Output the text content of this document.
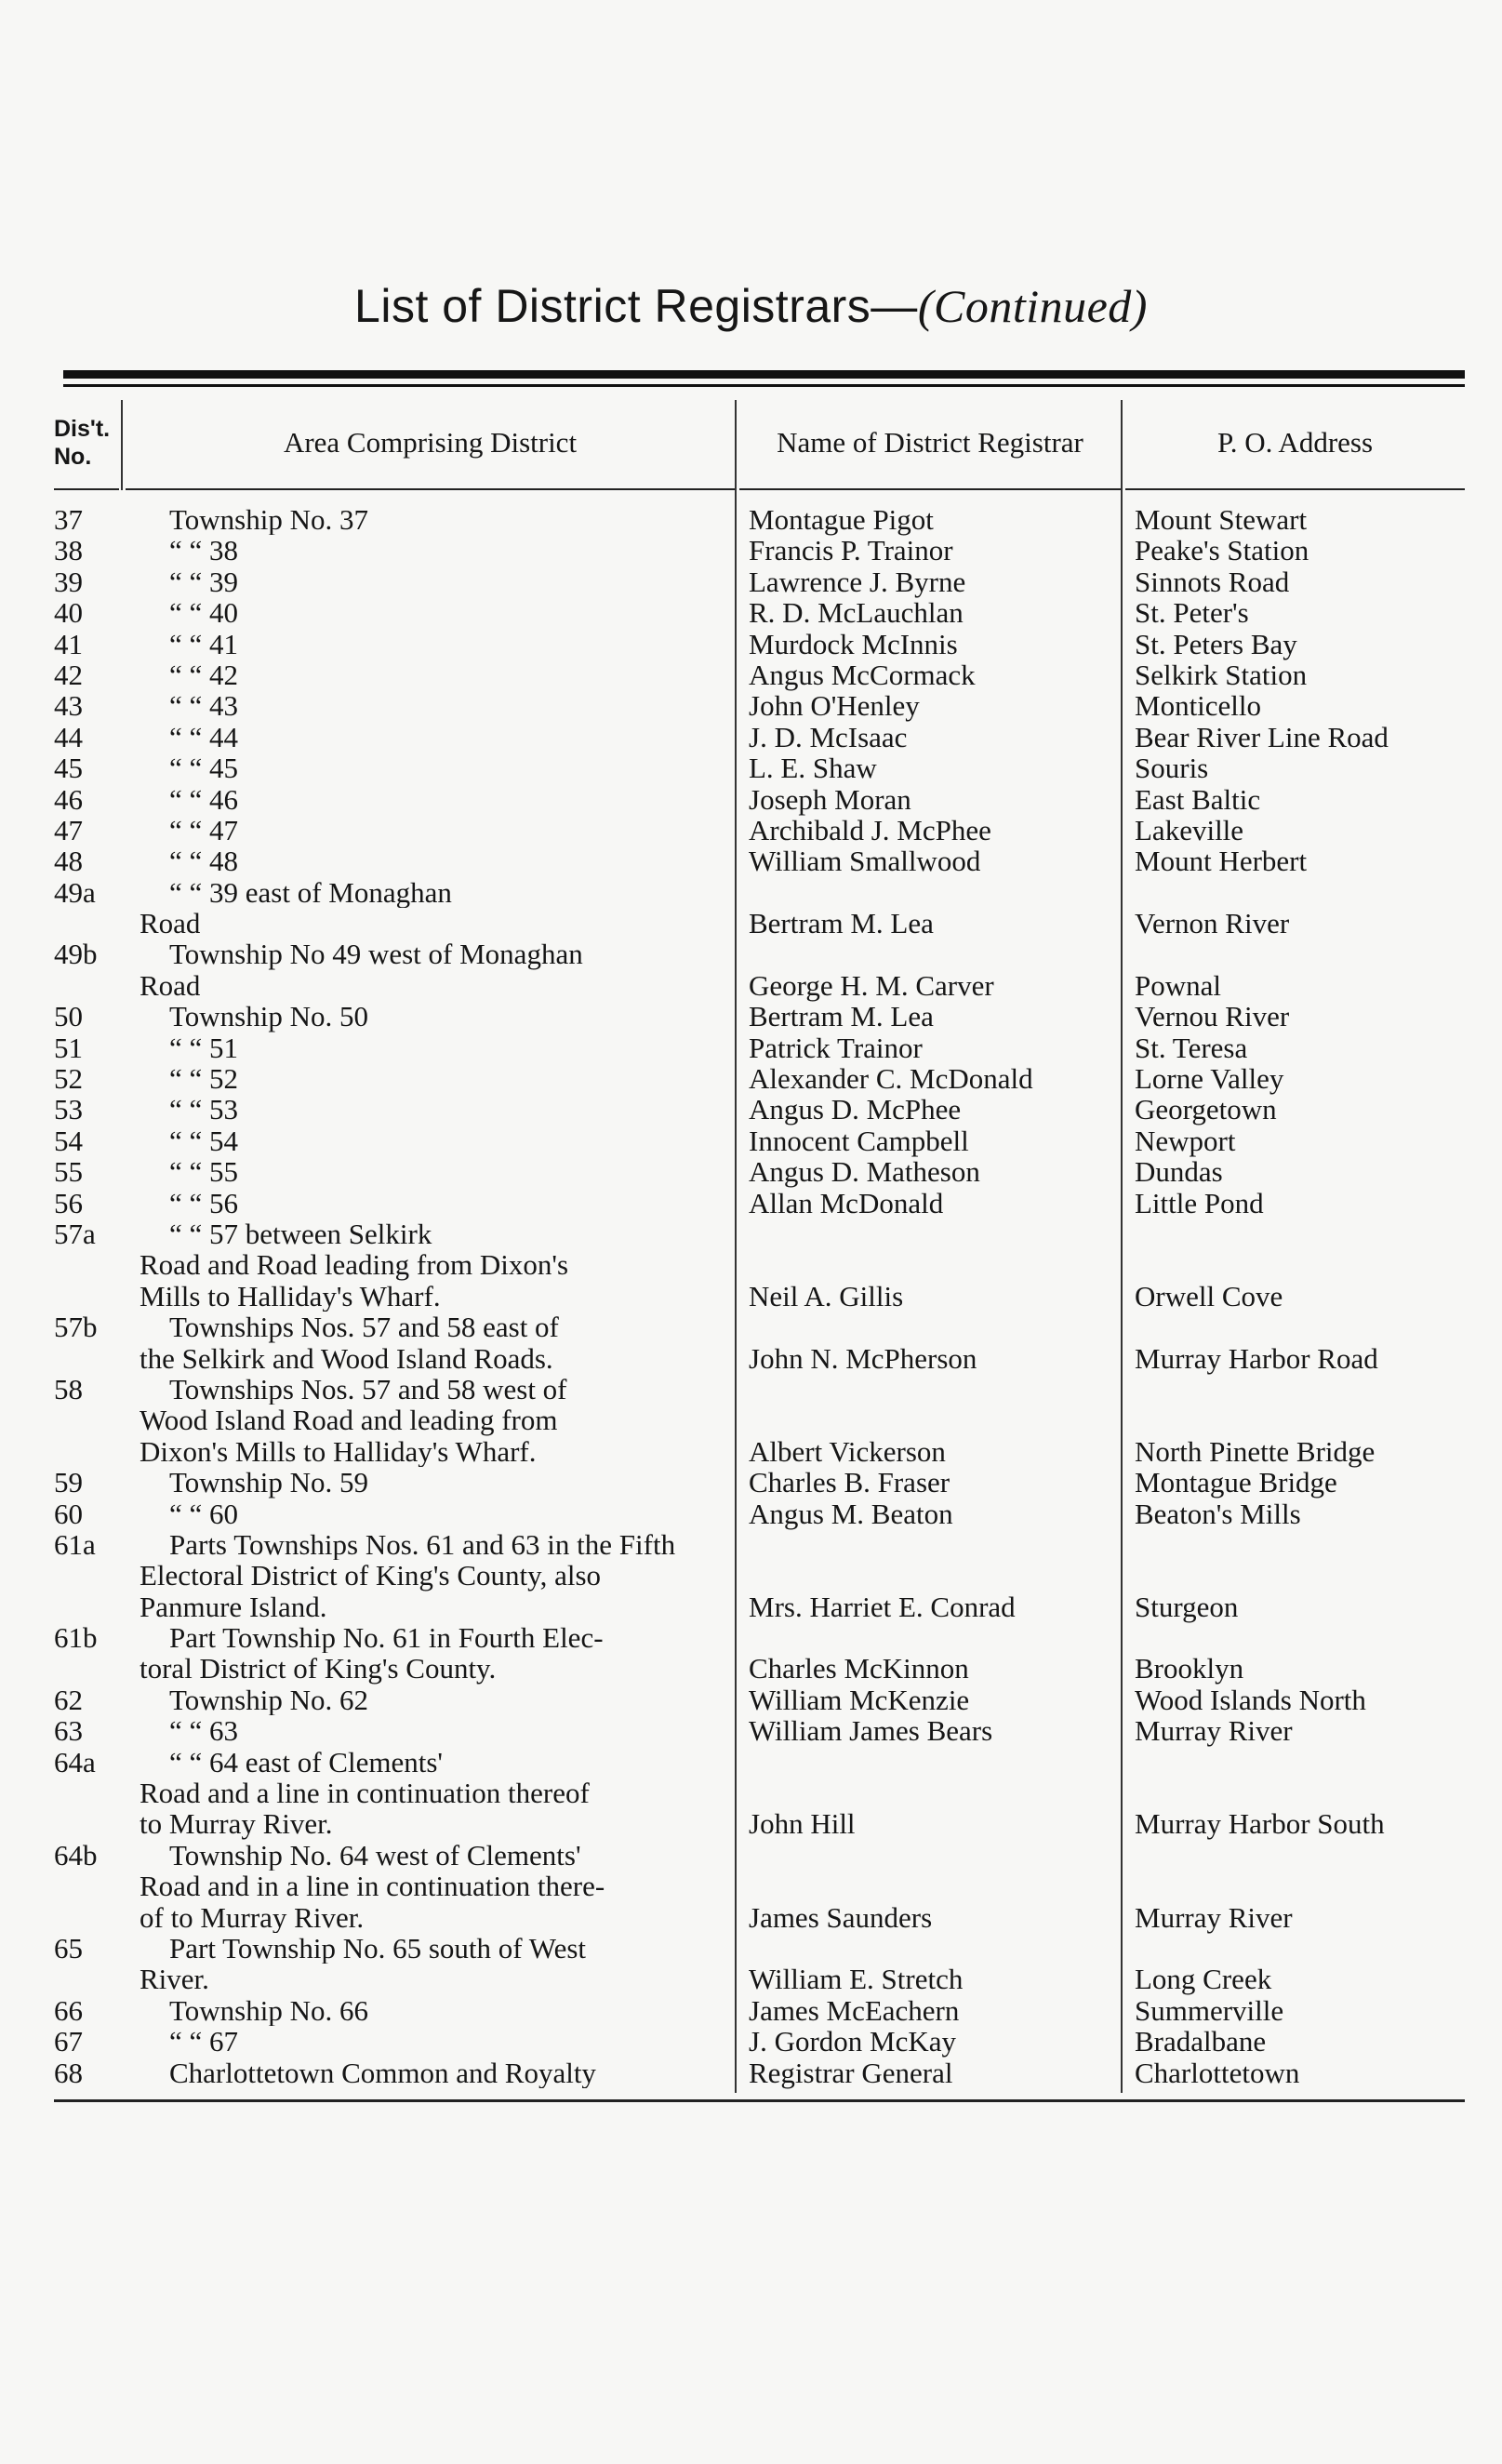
List of District Registrars—(Continued)
Dis't. No.	Area Comprising District	Name of District Registrar	P. O. Address
37	Township No. 37	Montague Pigot	Mount Stewart
38	“ “ 38	Francis P. Trainor	Peake's Station
39	“ “ 39	Lawrence J. Byrne	Sinnots Road
40	“ “ 40	R. D. McLauchlan	St. Peter's
41	“ “ 41	Murdock McInnis	St. Peters Bay
42	“ “ 42	Angus McCormack	Selkirk Station
43	“ “ 43	John O'Henley	Monticello
44	“ “ 44	J. D. McIsaac	Bear River Line Road
45	“ “ 45	L. E. Shaw	Souris
46	“ “ 46	Joseph Moran	East Baltic
47	“ “ 47	Archibald J. McPhee	Lakeville
48	“ “ 48	William Smallwood	Mount Herbert
49a	“ “ 39 east of Monaghan
Road	Bertram M. Lea	Vernon River
49b	Township No 49 west of Monaghan
Road	George H. M. Carver	Pownal
50	Township No. 50	Bertram M. Lea	Vernou River
51	“ “ 51	Patrick Trainor	St. Teresa
52	“ “ 52	Alexander C. McDonald	Lorne Valley
53	“ “ 53	Angus D. McPhee	Georgetown
54	“ “ 54	Innocent Campbell	Newport
55	“ “ 55	Angus D. Matheson	Dundas
56	“ “ 56	Allan McDonald	Little Pond
57a	“ “ 57 between Selkirk
Road and Road leading from Dixon's
Mills to Halliday's Wharf.	Neil A. Gillis	Orwell Cove
57b	Townships Nos. 57 and 58 east of
the Selkirk and Wood Island Roads.	John N. McPherson	Murray Harbor Road
58	Townships Nos. 57 and 58 west of
Wood Island Road and leading from
Dixon's Mills to Halliday's Wharf.	Albert Vickerson	North Pinette Bridge
59	Township No. 59	Charles B. Fraser	Montague Bridge
60	“ “ 60	Angus M. Beaton	Beaton's Mills
61a	Parts Townships Nos. 61 and 63 in the Fifth
Electoral District of King's County, also
Panmure Island.	Mrs. Harriet E. Conrad	Sturgeon
61b	Part Township No. 61 in Fourth Elec-
toral District of King's County.	Charles McKinnon	Brooklyn
62	Township No. 62	William McKenzie	Wood Islands North
63	“ “ 63	William James Bears	Murray River
64a	“ “ 64 east of Clements'
Road and a line in continuation thereof
to Murray River.	John Hill	Murray Harbor South
64b	Township No. 64 west of Clements'
Road and in a line in continuation there-
of to Murray River.	James Saunders	Murray River
65	Part Township No. 65 south of West
River.	William E. Stretch	Long Creek
66	Township No. 66	James McEachern	Summerville
67	“ “ 67	J. Gordon McKay	Bradalbane
68	Charlottetown Common and Royalty	Registrar General	Charlottetown
